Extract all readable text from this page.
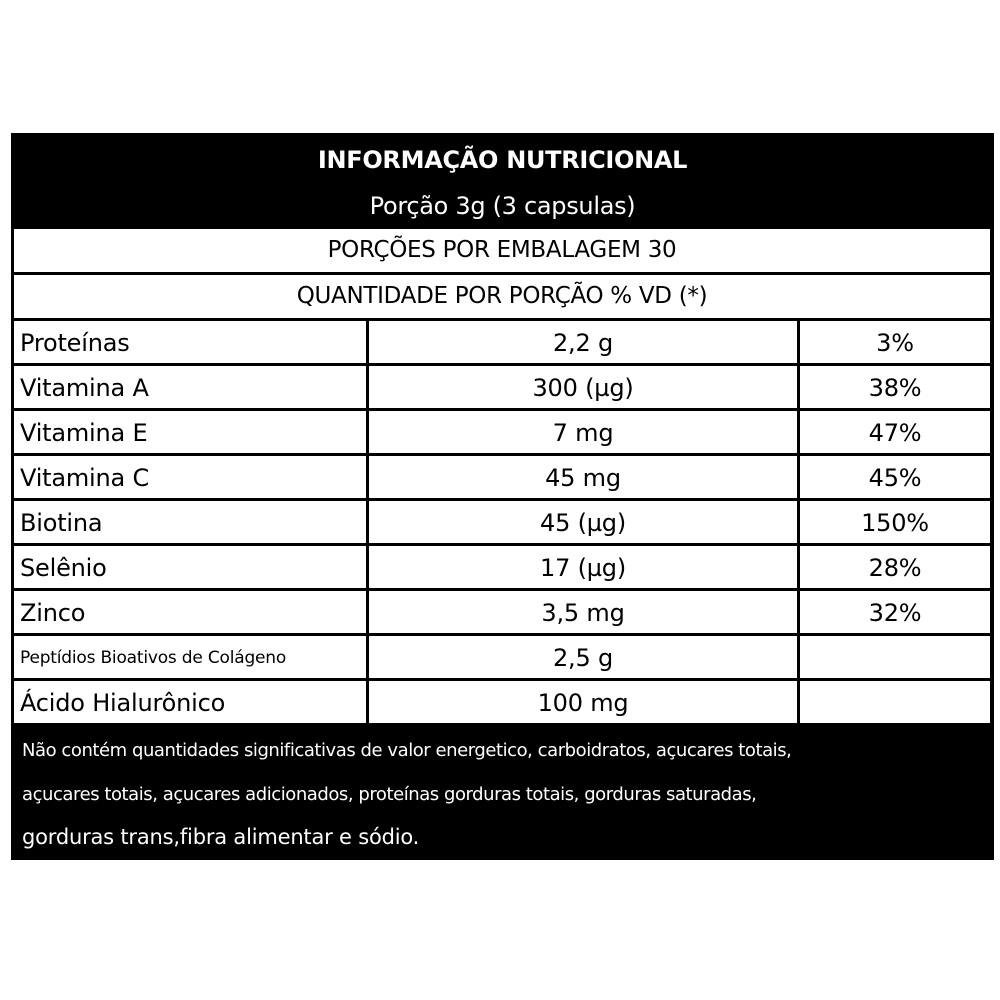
INFORMAÇÃO NUTRICIONAL
Porção 3g (3 capsulas)
PORÇÕES POR EMBALAGEM 30
QUANTIDADE POR PORÇÃO % VD (*)
Proteínas	2,2 g	3%
Vitamina A	300 (µg)	38%
Vitamina E	7 mg	47%
Vitamina C	45 mg	45%
Biotina	45 (µg)	150%
Selênio	17 (µg)	28%
Zinco	3,5 mg	32%
Peptídios Bioativos de Colágeno	2,5 g
Ácido Hialurônico	100 mg
Não contém quantidades significativas de valor energetico, carboidratos, açucares totais,
açucares totais, açucares adicionados, proteínas gorduras totais, gorduras saturadas,
gorduras trans,fibra alimentar e sódio.
